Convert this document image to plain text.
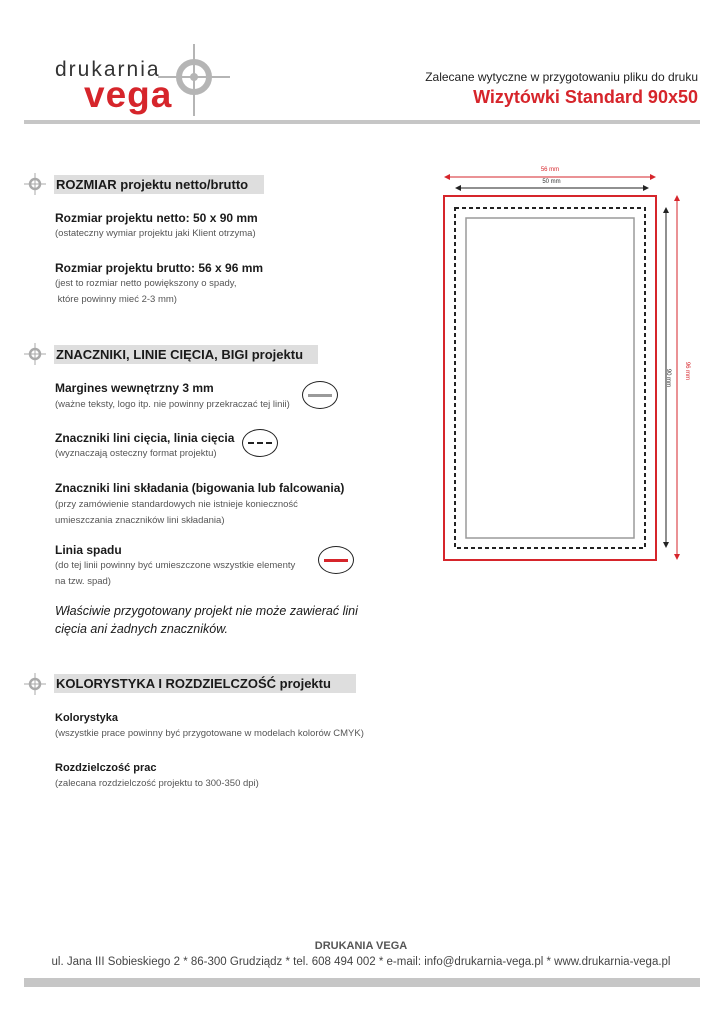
drukarnia
vega	Zalecane wytyczne w przygotowaniu pliku do druku
Wizytówki Standard 90x50
ROZMIAR projektu netto/brutto
Rozmiar projektu netto: 50 x 90 mm
(ostateczny wymiar projektu jaki Klient otrzyma)
Rozmiar projektu brutto: 56 x 96 mm
(jest to rozmiar netto powiększony o spady,
które powinny mieć 2-3 mm)
ZNACZNIKI, LINIE CIĘCIA, BIGI projektu
Margines wewnętrzny 3 mm
(ważne teksty, logo itp. nie powinny przekraczać tej linii)
Znaczniki lini cięcia, linia cięcia
(wyznaczają osteczny format projektu)
Znaczniki lini składania (bigowania lub falcowania)
(przy zamówienie standardowych nie istnieje konieczność
umieszczania znaczników lini składania)
Linia spadu
(do tej linii powinny być umieszczone wszystkie elementy
na tzw. spad)
Właściwie przygotowany projekt nie może zawierać lini
cięcia ani żadnych znaczników.
KOLORYSTYKA I ROZDZIELCZOŚĆ projektu
Kolorystyka
(wszystkie prace powinny być przygotowane w modelach kolorów CMYK)
Rozdzielczość prac
(zalecana rozdzielczość projektu to 300-350 dpi)
56 mm
50 mm
96 mm
90 mm
DRUKANIA VEGA
ul. Jana III Sobieskiego 2 * 86-300 Grudziądz * tel. 608 494 002 * e-mail: info@drukarnia-vega.pl * www.drukarnia-vega.pl
